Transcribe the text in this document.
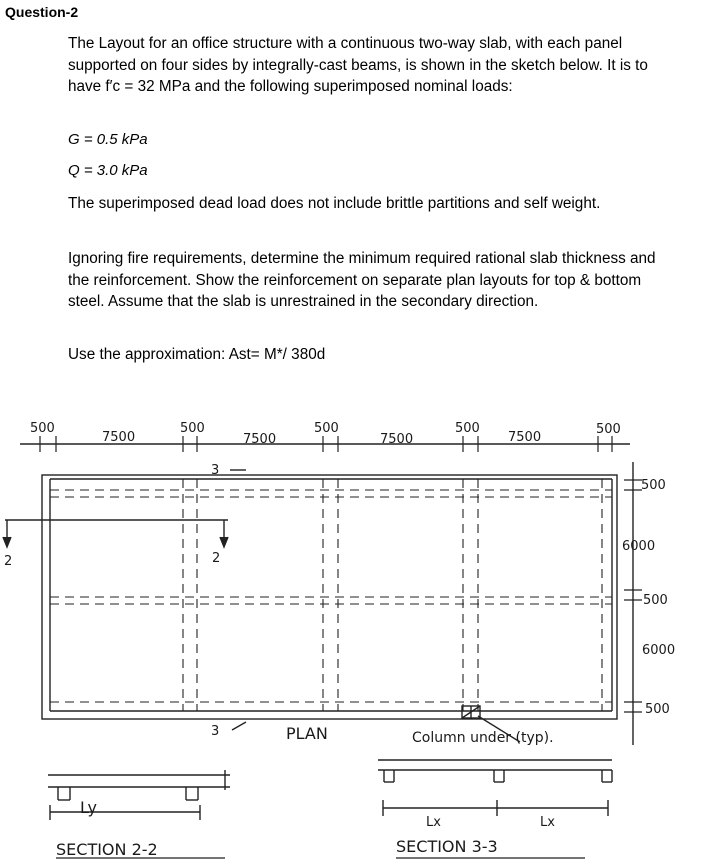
Question-2
The Layout for an office structure with a continuous two-way slab, with each panel supported on four sides by integrally-cast beams, is shown in the sketch below. It is to have f′c = 32 MPa and the following superimposed nominal loads:
G = 0.5 kPa
Q = 3.0 kPa
The superimposed dead load does not include brittle partitions and self weight.
Ignoring fire requirements, determine the minimum required rational slab thickness and the reinforcement. Show the reinforcement on separate plan layouts for top & bottom steel. Assume that the slab is unrestrained in the secondary direction.
Use the approximation: Ast= M*/ 380d
500
7500
500
7500
500
7500
500
7500
500
500
6000
500
6000
500
3
3
2	2
PLAN	Column under (typ).
Ly
Lx	Lx
SECTION 2-2	SECTION 3-3
